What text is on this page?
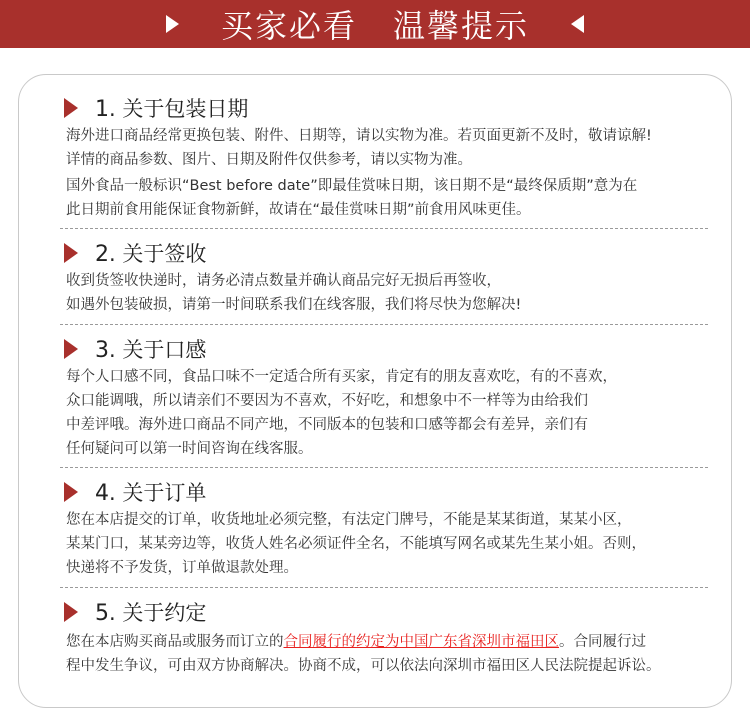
买家必看 温馨提示
1. 关于包装日期
海外进口商品经常更换包装、附件、日期等，请以实物为准。若页面更新不及时，敬请谅解!
详情的商品参数、图片、日期及附件仅供参考，请以实物为准。
国外食品一般标识“Best before date”即最佳赏味日期，该日期不是“最终保质期”意为在
此日期前食用能保证食物新鲜，故请在“最佳赏味日期”前食用风味更佳。
2. 关于签收
收到货签收快递时，请务必清点数量并确认商品完好无损后再签收，
如遇外包装破损，请第一时间联系我们在线客服，我们将尽快为您解决!
3. 关于口感
每个人口感不同，食品口味不一定适合所有买家，肯定有的朋友喜欢吃，有的不喜欢，
众口能调哦，所以请亲们不要因为不喜欢，不好吃，和想象中不一样等为由给我们
中差评哦。海外进口商品不同产地，不同版本的包装和口感等都会有差异，亲们有
任何疑问可以第一时间咨询在线客服。
4. 关于订单
您在本店提交的订单，收货地址必须完整，有法定门牌号，不能是某某街道，某某小区，
某某门口，某某旁边等，收货人姓名必须证件全名，不能填写网名或某先生某小姐。否则，
快递将不予发货，订单做退款处理。
5. 关于约定
您在本店购买商品或服务而订立的合同履行的约定为中国广东省深圳市福田区。合同履行过
程中发生争议，可由双方协商解决。协商不成，可以依法向深圳市福田区人民法院提起诉讼。
